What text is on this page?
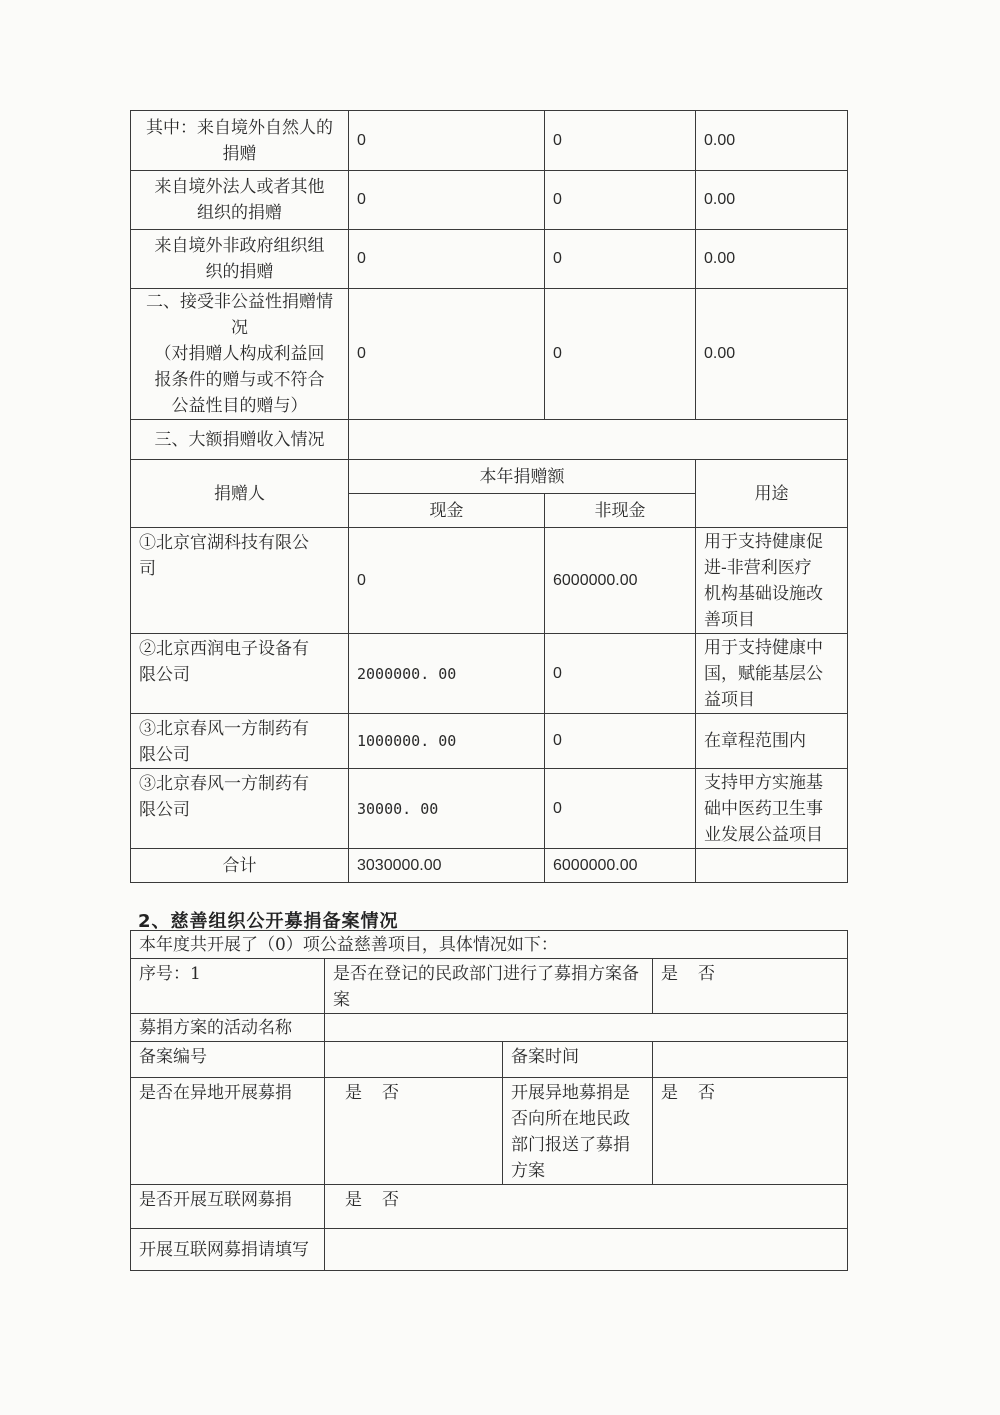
其中：来自境外自然人的
捐赠	0	0	0.00
来自境外法人或者其他
组织的捐赠	0	0	0.00
来自境外非政府组织组
织的捐赠	0	0	0.00
二、接受非公益性捐赠情
况
（对捐赠人构成利益回
报条件的赠与或不符合
公益性目的赠与）	0	0	0.00
三、大额捐赠收入情况			
捐赠人	本年捐赠额		用途
	现金	非现金	
①北京官湖科技有限公
司	0	6000000.00	用于支持健康促
进-非营利医疗
机构基础设施改
善项目
②北京西润电子设备有
限公司	2000000. 00	0	用于支持健康中
国，赋能基层公
益项目
③北京春风一方制药有
限公司	1000000. 00	0	在章程范围内
③北京春风一方制药有
限公司	30000. 00	0	支持甲方实施基
础中医药卫生事
业发展公益项目
合计	3030000.00	6000000.00	
2、慈善组织公开募捐备案情况
本年度共开展了（0）项公益慈善项目，具体情况如下：			
序号：1	是否在登记的民政部门进行了募捐方案备
案		是 否
募捐方案的活动名称			
备案编号		备案时间	
是否在异地开展募捐	是 否	开展异地募捐是
否向所在地民政
部门报送了募捐
方案	是 否
是否开展互联网募捐	是 否		
开展互联网募捐请填写			
